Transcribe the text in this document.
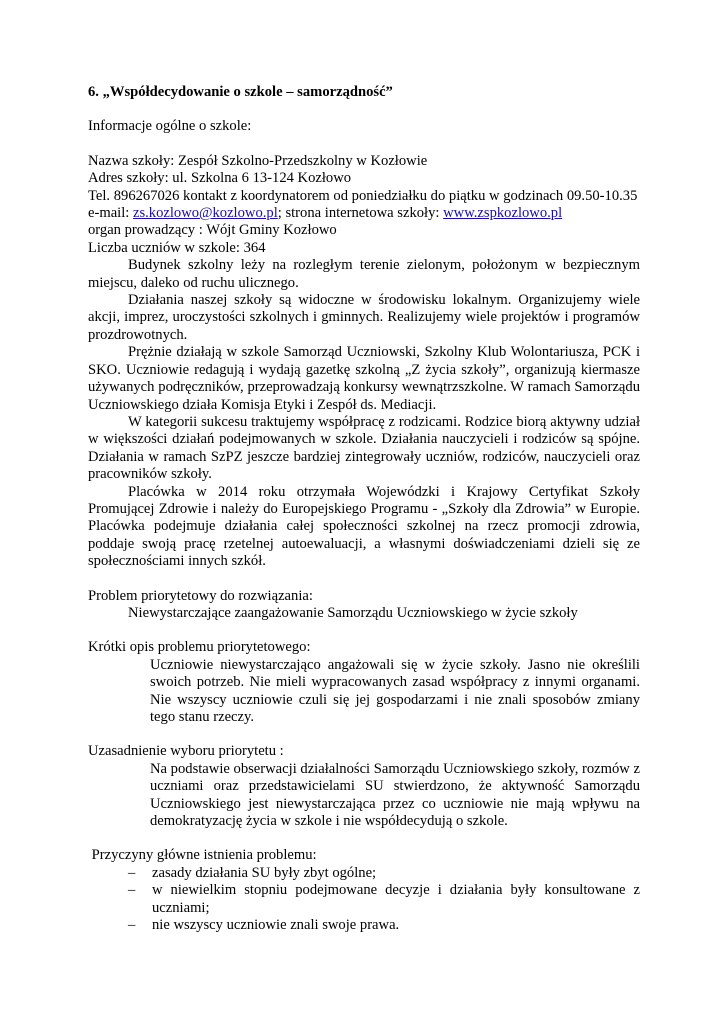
6. „Współdecydowanie o szkole – samorządność”

Informacje ogólne o szkole:

Nazwa szkoły: Zespół Szkolno-Przedszkolny w Kozłowie

Adres szkoły: ul. Szkolna 6 13-124 Kozłowo

Tel. 896267026 kontakt z koordynatorem od poniedziałku do piątku w godzinach 09.50-10.35

e-mail: zs.kozlowo@kozlowo.pl; strona internetowa szkoły: www.zspkozlowo.pl

organ prowadzący : Wójt Gminy Kozłowo

Liczba uczniów w szkole: 364

Budynek szkolny leży na rozległym terenie zielonym, położonym w bezpiecznym miejscu, daleko od ruchu ulicznego.

Działania naszej szkoły są widoczne w środowisku lokalnym. Organizujemy wiele akcji, imprez, uroczystości szkolnych i gminnych. Realizujemy wiele projektów i programów prozdrowotnych.

Prężnie działają w szkole Samorząd Uczniowski, Szkolny Klub Wolontariusza, PCK i SKO. Uczniowie redagują i wydają gazetkę szkolną „Z życia szkoły”, organizują kiermasze używanych podręczników, przeprowadzają konkursy wewnątrzszkolne. W ramach Samorządu Uczniowskiego działa Komisja Etyki i Zespół ds. Mediacji.

W kategorii sukcesu traktujemy współpracę z rodzicami. Rodzice biorą aktywny udział w większości działań podejmowanych w szkole. Działania nauczycieli i rodziców są spójne. Działania w ramach SzPZ jeszcze bardziej zintegrowały uczniów, rodziców, nauczycieli oraz pracowników szkoły.

Placówka w 2014 roku otrzymała Wojewódzki i Krajowy Certyfikat Szkoły Promującej Zdrowie i należy do Europejskiego Programu - „Szkoły dla Zdrowia” w Europie. Placówka podejmuje działania całej społeczności szkolnej na rzecz promocji zdrowia, poddaje swoją pracę rzetelnej autoewaluacji, a własnymi doświadczeniami dzieli się ze społecznościami innych szkół.

Problem priorytetowy do rozwiązania:

Niewystarczające zaangażowanie Samorządu Uczniowskiego w życie szkoły

Krótki opis problemu priorytetowego:

Uczniowie niewystarczająco angażowali się w życie szkoły. Jasno nie określili swoich potrzeb. Nie mieli wypracowanych zasad współpracy z innymi organami. Nie wszyscy uczniowie czuli się jej gospodarzami i nie znali sposobów zmiany tego stanu rzeczy.

Uzasadnienie wyboru priorytetu :

Na podstawie obserwacji działalności Samorządu Uczniowskiego szkoły, rozmów z uczniami oraz przedstawicielami SU stwierdzono, że aktywność Samorządu Uczniowskiego jest niewystarczająca przez co uczniowie nie mają wpływu na demokratyzację życia w szkole i nie współdecydują o szkole.

Przyczyny główne istnienia problemu:

– zasady działania SU były zbyt ogólne;
– w niewielkim stopniu podejmowane decyzje i działania były konsultowane z uczniami;
– nie wszyscy uczniowie znali swoje prawa.
